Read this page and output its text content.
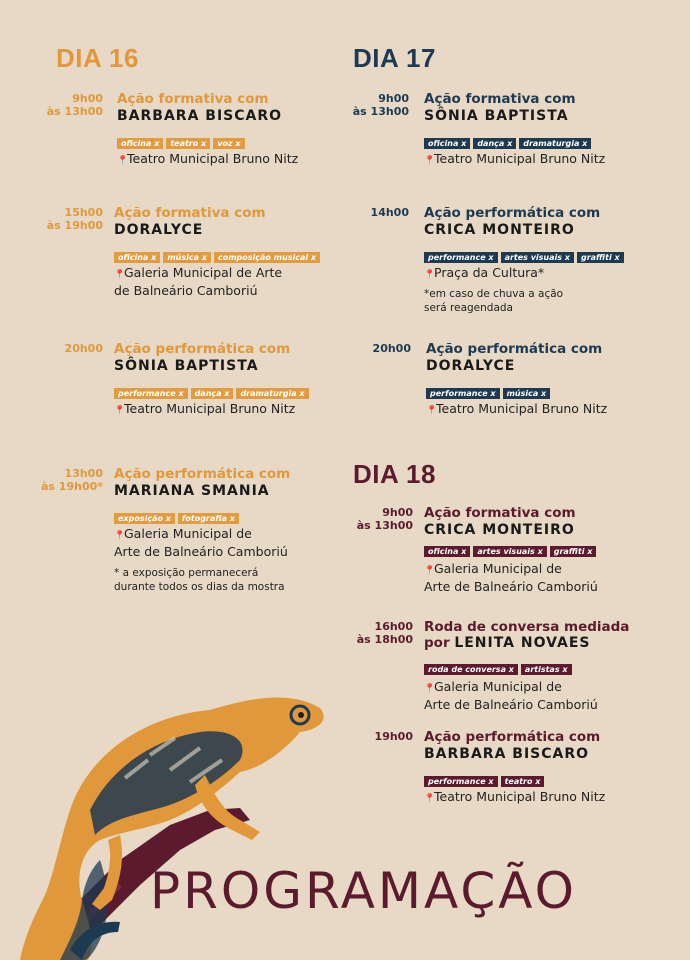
DIA 16	DIA 17
DIA 18
9h00
às 13h00
Ação formativa com
BARBARA BISCARO
oficina x teatro x voz x
📍Teatro Municipal Bruno Nitz
15h00
às 19h00
Ação formativa com
DORALYCE
oficina x música x composição musical x
📍Galeria Municipal de Arte
de Balneário Camboriú
20h00 Ação performática com
SÔNIA BAPTISTA
performance x dança x dramaturgia x
📍Teatro Municipal Bruno Nitz
13h00
às 19h00*
Ação performática com
MARIANA SMANIA
exposição x fotografia x
📍Galeria Municipal de
Arte de Balneário Camboriú
* a exposição permanecerá
durante todos os dias da mostra
9h00
às 13h00
Ação formativa com
SÔNIA BAPTISTA
oficina x dança x dramaturgia x
📍Teatro Municipal Bruno Nitz
14h00 Ação performática com
CRICA MONTEIRO
performance x artes visuais x graffiti x
📍Praça da Cultura*
*em caso de chuva a ação
será reagendada
20h00 Ação performática com
DORALYCE
performance x música x
📍Teatro Municipal Bruno Nitz
9h00
às 13h00
Ação formativa com
CRICA MONTEIRO
oficina x artes visuais x graffiti x
📍Galeria Municipal de
Arte de Balneário Camboriú
16h00
às 18h00
Roda de conversa mediada
por LENITA NOVAES
roda de conversa x artistas x
📍Galeria Municipal de
Arte de Balneário Camboriú
19h00 Ação performática com
BARBARA BISCARO
performance x teatro x
📍Teatro Municipal Bruno Nitz
PROGRAMAÇÃO
